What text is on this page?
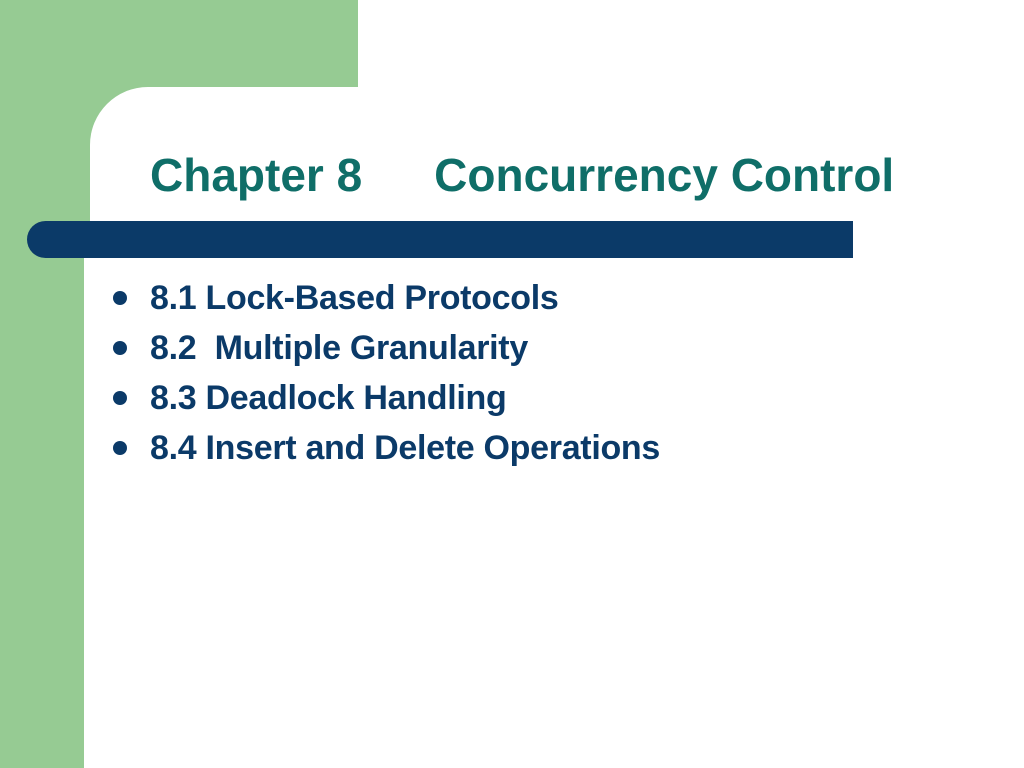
Chapter 8 Concurrency Control
8.1 Lock-Based Protocols
8.2  Multiple Granularity
8.3 Deadlock Handling
8.4 Insert and Delete Operations
